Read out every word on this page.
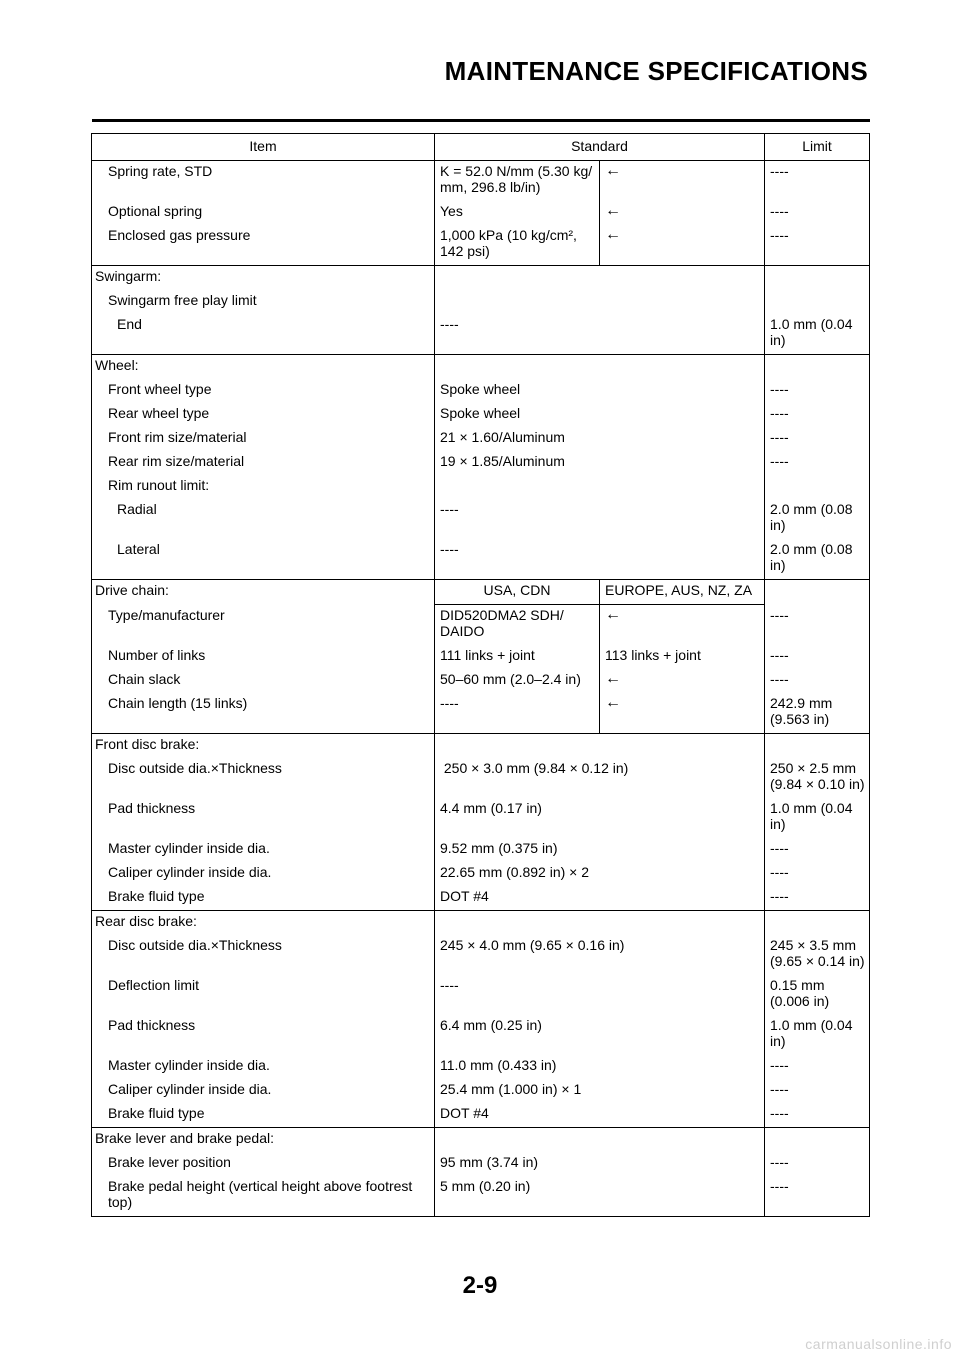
MAINTENANCE SPECIFICATIONS
Item	Standard		Limit

Spring rate, STD	K = 52.0 N/mm (5.30 kg/
mm, 296.8 lb/in)	←	----

Optional spring	Yes	←	----

Enclosed gas pressure	1,000 kPa (10 kg/cm²,
142 psi)	←	----

Swingarm:			

Swingarm free play limit			

End	----		1.0 mm (0.04
in)

Wheel:			

Front wheel type	Spoke wheel		----

Rear wheel type	Spoke wheel		----

Front rim size/material	21 × 1.60/Aluminum		----

Rear rim size/material	19 × 1.85/Aluminum		----

Rim runout limit:			

Radial	----		2.0 mm (0.08
in)

Lateral	----		2.0 mm (0.08
in)

Drive chain:	USA, CDN	EUROPE, AUS, NZ, ZA	

Type/manufacturer	DID520DMA2 SDH/
DAIDO	←	----

Number of links	111 links + joint	113 links + joint	----

Chain slack	50–60 mm (2.0–2.4 in)	←	----

Chain length (15 links)	----	←	242.9 mm
(9.563 in)

Front disc brake:			

Disc outside dia.×Thickness	250 × 3.0 mm (9.84 × 0.12 in)		250 × 2.5 mm
(9.84 × 0.10 in)

Pad thickness	4.4 mm (0.17 in)		1.0 mm (0.04
in)

Master cylinder inside dia.	9.52 mm (0.375 in)		----

Caliper cylinder inside dia.	22.65 mm (0.892 in) × 2		----

Brake fluid type	DOT #4		----

Rear disc brake:			

Disc outside dia.×Thickness	245 × 4.0 mm (9.65 × 0.16 in)		245 × 3.5 mm
(9.65 × 0.14 in)

Deflection limit	----		0.15 mm
(0.006 in)

Pad thickness	6.4 mm (0.25 in)		1.0 mm (0.04
in)

Master cylinder inside dia.	11.0 mm (0.433 in)		----

Caliper cylinder inside dia.	25.4 mm (1.000 in) × 1		----

Brake fluid type	DOT #4		----

Brake lever and brake pedal:			

Brake lever position	95 mm (3.74 in)		----

Brake pedal height (vertical height above footrest
top)	5 mm (0.20 in)		----
2-9
carmanualsonline.info
